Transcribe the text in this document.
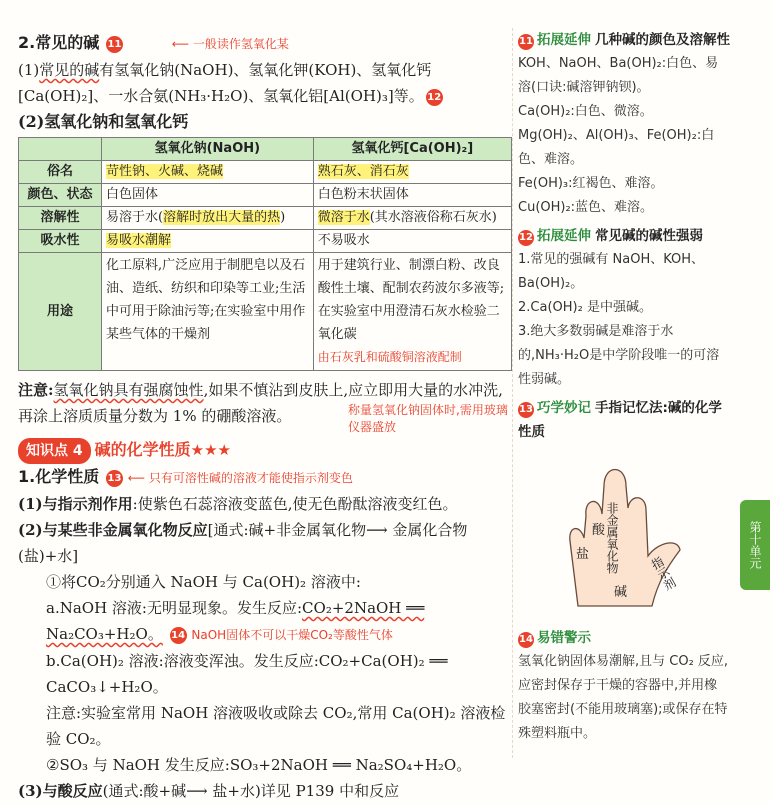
2.常见的碱 11	⟵ 一般读作氢氧化某
(1)常见的碱有氢氧化钠(NaOH)、氢氧化钾(KOH)、氢氧化钙[Ca(OH)₂]、一水合氨(NH₃·H₂O)、氢氧化铝[Al(OH)₃]等。 12
(2)氢氧化钠和氢氧化钙
	氢氧化钠(NaOH)	氢氧化钙[Ca(OH)₂]
俗名	苛性钠、火碱、烧碱	熟石灰、消石灰
颜色、状态	白色固体	白色粉末状固体
溶解性	易溶于水(溶解时放出大量的热)	微溶于水(其水溶液俗称石灰水)
吸水性	易吸水潮解	不易吸水
用途	化工原料,广泛应用于制肥皂以及石油、造纸、纺织和印染等工业;生活中可用于除油污等;在实验室中用作某些气体的干燥剂	用于建筑行业、制漂白粉、改良酸性土壤、配制农药波尔多液等;在实验室中用澄清石灰水检验二氧化碳
由石灰乳和硫酸铜溶液配制
注意:氢氧化钠具有强腐蚀性,如果不慎沾到皮肤上,应立即用大量的水冲洗,再涂上溶质质量分数为 1% 的硼酸溶液。	称量氢氧化钠固体时,需用玻璃仪器盛放
知识点 4 碱的化学性质★★★
1.化学性质 13 ⟵ 只有可溶性碱的溶液才能使指示剂变色
(1)与指示剂作用:使紫色石蕊溶液变蓝色,使无色酚酞溶液变红色。
(2)与某些非金属氧化物反应[通式:碱+非金属氧化物⟶ 金属化合物(盐)+水]
①将CO₂分别通入 NaOH 与 Ca(OH)₂ 溶液中:
a.NaOH 溶液:无明显现象。发生反应:CO₂+2NaOH ══ Na₂CO₃+H₂O。 14 NaOH固体不可以干燥CO₂等酸性气体
b.Ca(OH)₂ 溶液:溶液变浑浊。发生反应:CO₂+Ca(OH)₂ ══ CaCO₃↓+H₂O。
注意:实验室常用 NaOH 溶液吸收或除去 CO₂,常用 Ca(OH)₂ 溶液检验 CO₂。
②SO₃ 与 NaOH 发生反应:SO₃+2NaOH ══ Na₂SO₄+H₂O。
(3)与酸反应(通式:酸+碱⟶ 盐+水)详见 P139 中和反应

11 拓展延伸 几种碱的颜色及溶解性

KOH、NaOH、Ba(OH)₂:白色、易溶(口诀:碱溶钾钠钡)。

Ca(OH)₂:白色、微溶。

Mg(OH)₂、Al(OH)₃、Fe(OH)₂:白色、难溶。

Fe(OH)₃:红褐色、难溶。

Cu(OH)₂:蓝色、难溶。

12 拓展延伸 常见碱的碱性强弱

1.常见的强碱有 NaOH、KOH、Ba(OH)₂。

2.Ca(OH)₂ 是中强碱。

3.绝大多数弱碱是难溶于水的,NH₃·H₂O是中学阶段唯一的可溶性弱碱。

13 巧学妙记 手指记忆法:碱的化学性质

盐
酸 非金属氧化物 指示剂
碱

14 易错警示

氢氧化钠固体易潮解,且与 CO₂ 反应,应密封保存于干燥的容器中,并用橡胶塞密封(不能用玻璃塞);或保存在特殊塑料瓶中。

第十单元
